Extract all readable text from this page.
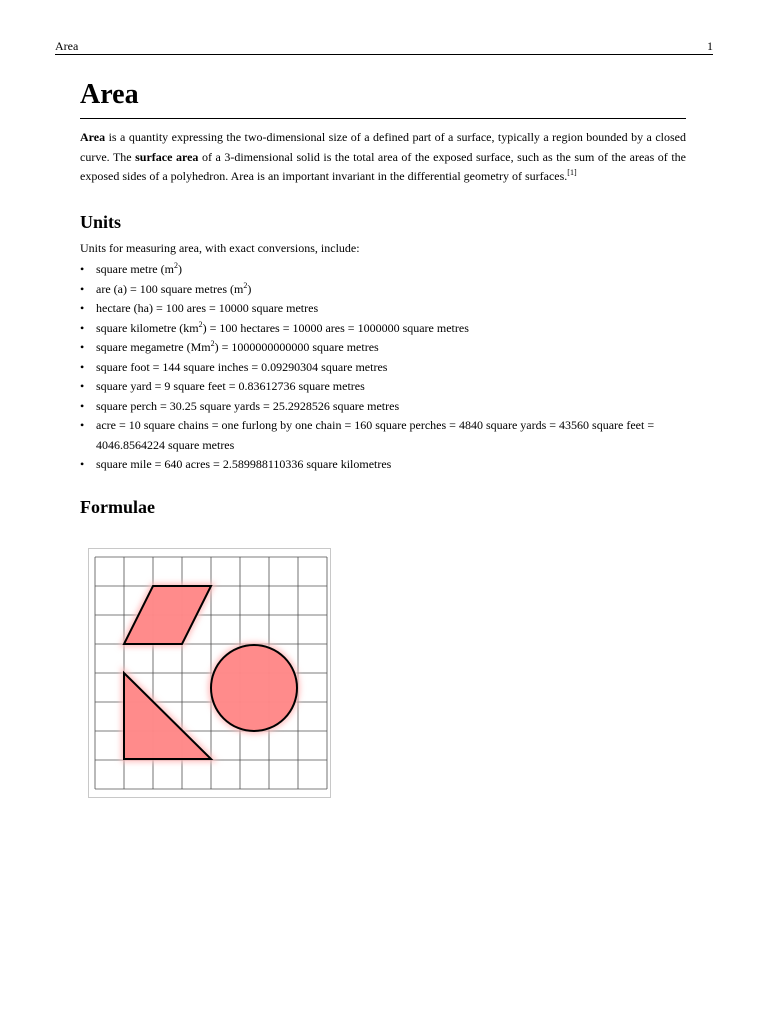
Area	1
Area

Area is a quantity expressing the two-dimensional size of a defined part of a surface, typically a region bounded by a closed curve. The surface area of a 3-dimensional solid is the total area of the exposed surface, such as the sum of the areas of the exposed sides of a polyhedron. Area is an important invariant in the differential geometry of surfaces.[1]

Units

Units for measuring area, with exact conversions, include:

• square metre $(m^2)$
• are (a) = 100 square metres $(m^2)$
• hectare (ha) = 100 ares = 10000 square metres
• square kilometre $(km^2) = 100$ hectares = 10000 ares = 1000000 square metres
• square megametre $(Mm^2) = 1000000000000$ square metres
• square foot = 144 square inches = 0.09290304 square metres
• square yard = 9 square feet = 0.83612736 square metres
• square perch = 30.25 square yards = 25.2928526 square metres
• acre = 10 square chains = one furlong by one chain = 160 square perches = 4840 square yards = 43560 square feet = 4046.8564224 square metres
• square mile = 640 acres = 2.589988110336 square kilometres
Formulae
